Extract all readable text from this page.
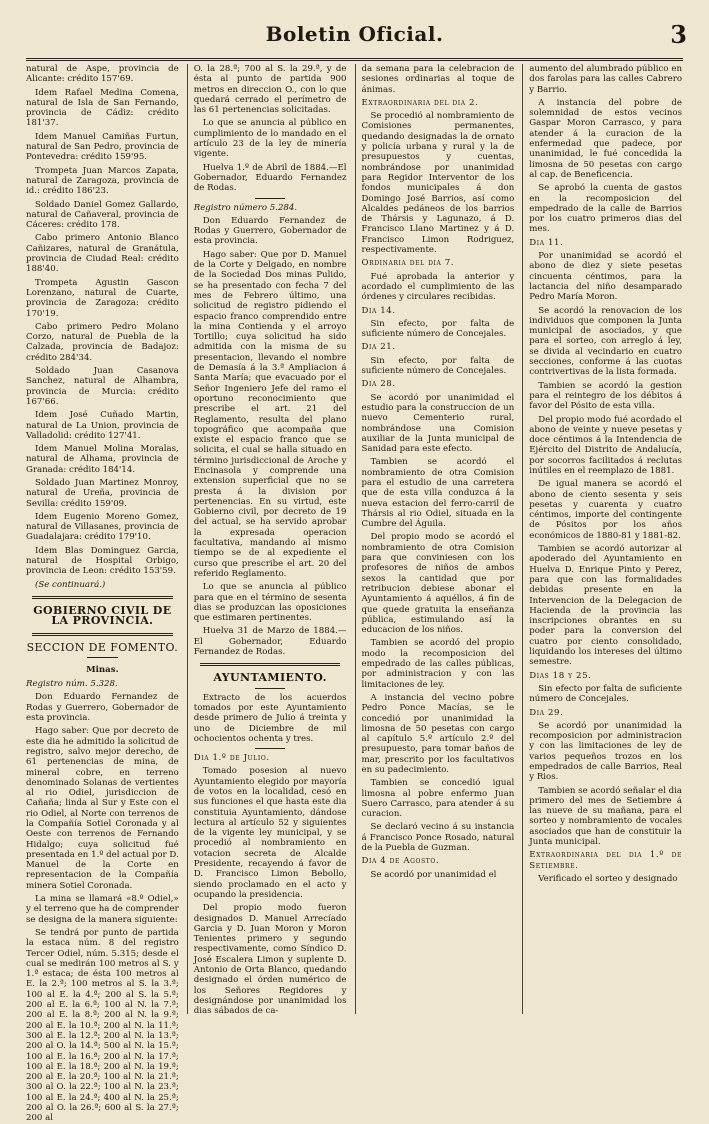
Boletin Oficial.	3

natural de Aspe, provincia de Alicante: crédito 157'69.

Idem Rafael Medina Comena, natural de Isla de San Fernando, provincia de Cádiz: crédito 181'37.

Idem Manuel Camiñas Furtun, natural de San Pedro, provincia de Pontevedra: crédito 159'95.

Trompeta Juan Marcos Zapata, natural de Zaragoza, provincia de id.: crédito 186'23.

Soldado Daniel Gomez Gallardo, natural de Cañaveral, provincia de Cáceres: crédito 178.

Cabo primero Antonio Blanco Cañizares, natural de Granátula, provincia de Ciudad Real: crédito 188'40.

Trompeta Agustin Gascon Lorenzano, natural de Cuarte, provincia de Zaragoza: crédito 170'19.

Cabo primero Pedro Molano Corzo, natural de Puebla de la Calzada, provincia de Badajoz: crédito 284'34.

Soldado Juan Casanova Sanchez, natural de Alhambra, provincia de Murcia: crédito 167'66.

Idem José Cuñado Martin, natural de La Union, provincia de Valladolid: crédito 127'41.

Idem Manuel Molina Moralas, natural de Alhama, provincia de Granada: crédito 184'14.

Soldado Juan Martinez Monroy, natural de Ureña, provincia de Sevilla: crédito 159'09.

Idem Eugenio Moreno Gomez, natural de Villasanes, provincia de Guadalajara: crédito 179'10.

Idem Blas Dominguez Garcia, natural de Hospital Orbigo, provincia de Leon: crédito 153'59.

(Se continuará.)

GOBIERNO CIVIL DE LA PROVINCIA.
SECCION DE FOMENTO.
Minas.

Registro núm. 5.328.

Don Eduardo Fernandez de Rodas y Guerrero, Gobernador de esta provincia.

Hago saber: Que por decreto de este dia he admitido la solicitud de registro, salvo mejor derecho, de 61 pertenencias de mina, de mineral cobre, en terreno denominado Solanas de vertientes al rio Odiel, jurisdiccion de Cañaña; linda al Sur y Este con el rio Odiel, al Norte con terrenos de la Compañía Sotiel Coronada y al Oeste con terrenos de Fernando Hidalgo; cuya solicitud fué presentada en 1.º del actual por D. Manuel de la Corte en representacion de la Compañía minera Sotiel Coronada.

La mina se llamará «8.º Odiel,» y el terreno que ha de comprender se designa de la manera siguiente:

Se tendrá por punto de partida la estaca núm. 8 del registro Tercer Odiel, núm. 5.315; desde el cual se medirán 100 metros al S. y 1.ª estaca; de ésta 100 metros al E. la 2.ª; 100 metros al S. la 3.ª; 100 al E. la 4.ª; 200 al S. la 5.ª; 200 al E. la 6.ª; 100 al N. la 7.ª; 200 al E. la 8.ª; 200 al N. la 9.ª; 200 al E. la 10.ª; 200 al N. la 11.ª; 300 al E. la 12.ª; 200 al N. la 13.ª; 200 al O. la 14.ª; 500 al N. la 15.ª; 100 al E. la 16.ª; 200 al N. la 17.ª; 100 al E. la 18.ª; 200 al N. la 19.ª; 200 al E. la 20.ª; 100 al N. la 21.ª; 300 al O. la 22.ª; 100 al N. la 23.ª; 100 al E. la 24.ª; 400 al N. la 25.ª; 200 al O. la 26.ª; 600 al S. la 27.ª; 200 al

O. la 28.ª; 700 al S. la 29.ª, y de ésta al punto de partida 900 metros en direccion O., con lo que quedará cerrado el perímetro de las 61 pertenencias solicitadas.

Lo que se anuncia al público en cumplimiento de lo mandado en el artículo 23 de la ley de minería vigente.

Huelva 1.º de Abril de 1884.—El Gobernador, Eduardo Fernandez de Rodas.

Registro número 5.284.

Don Eduardo Fernandez de Rodas y Guerrero, Gobernador de esta provincia.

Hago saber: Que por D. Manuel de la Corte y Delgado, en nombre de la Sociedad Dos minas Pulido, se ha presentado con fecha 7 del mes de Febrero último, una solicitud de registro pidiendo el espacio franco comprendido entre la mina Contienda y el arroyo Tortillo; cuya solicitud ha sido admitida con la misma de su presentacion, llevando el nombre de Demasía á la 3.ª Ampliacion á Santa María; que evacuado por el Señor Ingeniero Jefe del ramo el oportuno reconocimiento que prescribe el art. 21 del Reglamento, resulta del plano topográfico que acompaña que existe el espacio franco que se solicita, el cual se halla situado en término jurisdiccional de Aroche y Encinasola y comprende una extension superficial que no se presta á la division por pertenencias. En su virtud, este Gobierno civil, por decreto de 19 del actual, se ha servido aprobar la expresada operacion facultativa, mandando al mismo tiempo se de al expediente el curso que prescribe el art. 20 del referido Reglamento.

Lo que se anuncia al público para que en el término de sesenta dias se produzcan las oposiciones que estimaren pertinentes.

Huelva 31 de Marzo de 1884.—El Gobernador, Eduardo Fernandez de Rodas.

AYUNTAMIENTO.

Extracto de los acuerdos tomados por este Ayuntamiento desde primero de Julio á treinta y uno de Diciembre de mil ochocientos ochenta y tres.

Dia 1.º de Julio.

Tomado posesion al nuevo Ayuntamiento elegido por mayoría de votos en la localidad, cesó en sus funciones el que hasta este dia constituia Ayuntamiento, dándose lectura al artículo 52 y siguientes de la vigente ley municipal, y se procedió al nombramiento en votacion secreta de Alcalde Presidente, recayendo á favor de D. Francisco Limon Bebollo, siendo proclamado en el acto y ocupando la presidencia.

Del propio modo fueron designados D. Manuel Arrecíado Garcia y D. Juan Moron y Moron Tenientes primero y segundo respectivamente, como Síndico D. José Escalera Limon y suplente D. Antonio de Orta Blanco, quedando designado el órden numérico de los Señores Regidores y designándose por unanimidad los dias sábados de ca-

da semana para la celebracion de sesiones ordinarias al toque de ánimas.

Extraordinaria del dia 2.

Se procedió al nombramiento de Comisiones permanentes, quedando designadas la de ornato y policía urbana y rural y la de presupuestos y cuentas, nombrándose por unanimidad para Regidor Interventor de los fondos municipales á don Domingo José Barrios, así como Alcaldes pedáneos de los barrios de Thársis y Lagunazo, á D. Francisco Llano Martinez y á D. Francisco Limon Rodriguez, respectivamente.

Ordinaria del dia 7.

Fué aprobada la anterior y acordado el cumplimiento de las órdenes y circulares recibidas.

Dia 14.

Sin efecto, por falta de suficiente número de Concejales.

Dia 21.

Sin efecto, por falta de suficiente número de Concejales.

Dia 28.

Se acordó por unanimidad el estudio para la construccion de un nuevo Cementerio rural, nombrándose una Comision auxiliar de la Junta municipal de Sanidad para este efecto.

Tambien se acordó el nombramiento de otra Comision para el estudio de una carretera que de esta villa conduzca á la nueva estacion del ferro-carril de Thársis al rio Odiel, situada en la Cumbre del Águila.

Del propio modo se acordó el nombramiento de otra Comision para que conviniesen con los profesores de niños de ambos sexos la cantidad que por retribucion debiese abonar el Ayuntamiento á aquéllos, á fin de que quede gratuita la enseñanza pública, estimulando así la educacion de los niños.

Tambien se acordó del propio modo la recomposicion del empedrado de las calles públicas, por administracion y con las limitaciones de ley.

A instancia del vecino pobre Pedro Ponce Macías, se le concedió por unanimidad la limosna de 50 pesetas con cargo al capítulo 5.º artículo 2.º del presupuesto, para tomar baños de mar, prescrito por los facultativos en su padecimiento.

Tambien se concedió igual limosna al pobre enfermo Juan Suero Carrasco, para atender á su curacion.

Se declaró vecino á su instancia á Francisco Ponce Rosado, natural de la Puebla de Guzman.

Dia 4 de Agosto.

Se acordó por unanimidad el

aumento del alumbrado público en dos farolas para las calles Cabrero y Barrio.

A instancia del pobre de solemnidad de estos vecinos Gaspar Moron Carrasco, y para atender á la curacion de la enfermedad que padece, por unanimidad, le fué concedida la limosna de 50 pesetas con cargo al cap. de Beneficencia.

Se aprobó la cuenta de gastos en la recomposicion del empedrado de la calle de Barrios por los cuatro primeros dias del mes.

Dia 11.

Por unanimidad se acordó el abono de diez y siete pesetas cincuenta céntimos, para la lactancia del niño desamparado Pedro María Moron.

Se acordó la renovacion de los individuos que componen la Junta municipal de asociados, y que para el sorteo, con arreglo á ley, se divida al vecindario en cuatro secciones, conforme á las cuotas contrivertivas de la lista formada.

Tambien se acordó la gestion para el reintegro de los débitos á favor del Pósito de esta villa.

Del propio modo fué acordado el abono de veinte y nueve pesetas y doce céntimos á la Intendencia de Ejército del Distrito de Andalucía, por socorros facilitados á reclutas inútiles en el reemplazo de 1881.

De igual manera se acordó el abono de ciento sesenta y seis pesetas y cuarenta y cuatro céntimos, importe del contingente de Pósitos por los años económicos de 1880-81 y 1881-82.

Tambien se acordó autorizar al apoderado del Ayuntamiento en Huelva D. Enrique Pinto y Perez, para que con las formalidades debidas presente en la Intervencion de la Delegacion de Hacienda de la provincia las inscripciones obrantes en su poder para la conversion del cuatro por ciento consolidado, liquidando los intereses del último semestre.

Dias 18 y 25.

Sin efecto por falta de suficiente número de Concejales.

Dia 29.

Se acordó por unanimidad la recomposicion por administracion y con las limitaciones de ley de varios pequeños trozos en los empedrados de calle Barrios, Real y Rios.

Tambien se acordó señalar el dia primero del mes de Setiembre á las nueve de su mañana, para el sorteo y nombramiento de vocales asociados que han de constituir la Junta municipal.

Extraordinaria del dia 1.º de Setiembre.

Verificado el sorteo y designado
